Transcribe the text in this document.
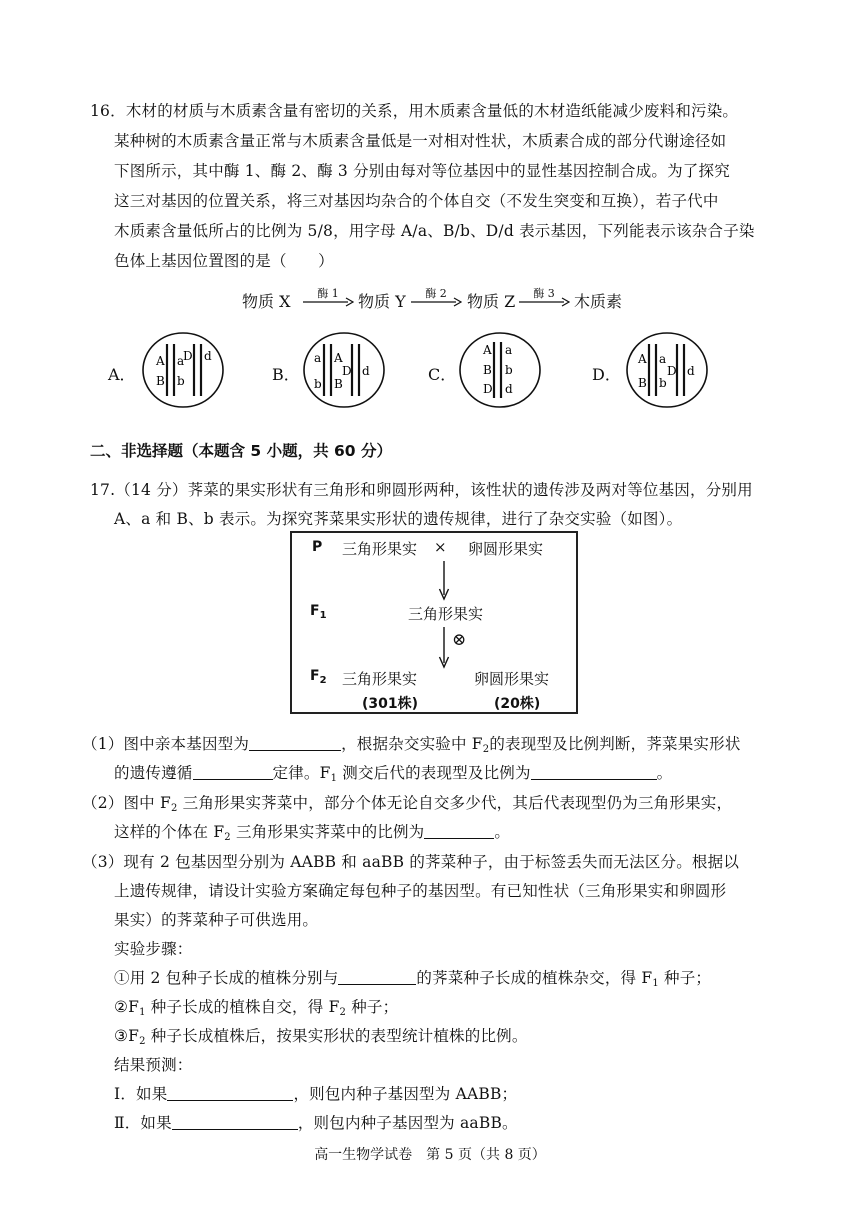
16．木材的材质与木质素含量有密切的关系，用木质素含量低的木材造纸能减少废料和污染。
某种树的木质素含量正常与木质素含量低是一对相对性状，木质素合成的部分代谢途径如
下图所示，其中酶 1、酶 2、酶 3 分别由每对等位基因中的显性基因控制合成。为了探究
这三对基因的位置关系，将三对基因均杂合的个体自交（不发生突变和互换），若子代中
木质素含量低所占的比例为 5/8，用字母 A/a、B/b、D/d 表示基因，下列能表示该杂合子染
色体上基因位置图的是（　　）
物质 X	酶 1	物质 Y	酶 2	物质 Z	酶 3	木质素
A．
A a
D d
B b	B．
a A
b B
D d	C．
A a
B b
D d
D．
A a
B b
D d
二、非选择题（本题含 5 小题，共 60 分）
17.（14 分）荠菜的果实形状有三角形和卵圆形两种，该性状的遗传涉及两对等位基因，分别用
A、a 和 B、b 表示。为探究荠菜果实形状的遗传规律，进行了杂交实验（如图）。
P 三角形果实 × 卵圆形果实
$F_1$	三角形果实
⊗
$F_2$ 三角形果实
(301株)
卵圆形果实
(20株)
（1）图中亲本基因型为	，根据杂交实验中 $F_2$的表现型及比例判断，荠菜果实形状
的遗传遵循	定律。$F_1$ 测交后代的表现型及比例为	。
（2）图中 $F_2$ 三角形果实荠菜中，部分个体无论自交多少代，其后代表现型仍为三角形果实，
这样的个体在 $F_2$ 三角形果实荠菜中的比例为	。
（3）现有 2 包基因型分别为 AABB 和 aaBB 的荠菜种子，由于标签丢失而无法区分。根据以
上遗传规律，请设计实验方案确定每包种子的基因型。有已知性状（三角形果实和卵圆形
果实）的荠菜种子可供选用。
实验步骤：
①用 2 包种子长成的植株分别与	的荠菜种子长成的植株杂交，得 $F_1$ 种子；
$②F_1$ 种子长成的植株自交，得 $F_2$ 种子；
$③F_2$ 种子长成植株后，按果实形状的表型统计植株的比例。
结果预测：
Ⅰ．如果	，则包内种子基因型为 AABB；
Ⅱ．如果	，则包内种子基因型为 aaBB。
高一生物学试卷　第 5 页（共 8 页）
